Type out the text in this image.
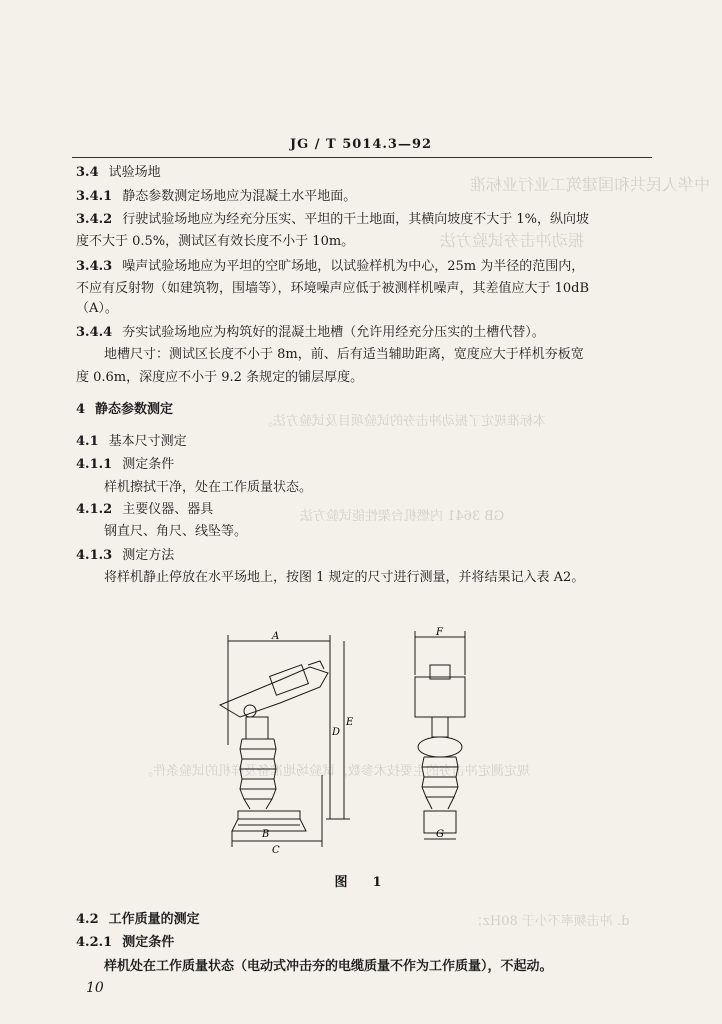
中华人民共和国建筑工业行业标准
振动冲击夯试验方法
本标准规定了振动冲击夯的试验项目及试验方法。
GB 3641 内燃机台架性能试验方法
规定测定冲击夯的主要技术参数，试验场地准备及样机的试验条件。
d. 冲击频率不小于 80Hz；
JG / T 5014.3—92
3.4 试验场地
3.4.1 静态参数测定场地应为混凝土水平地面。
3.4.2 行驶试验场地应为经充分压实、平坦的干土地面，其横向坡度不大于 1%，纵向坡
度不大于 0.5%，测试区有效长度不小于 10m。
3.4.3 噪声试验场地应为平坦的空旷场地，以试验样机为中心，25m 为半径的范围内，
不应有反射物（如建筑物，围墙等），环境噪声应低于被测样机噪声，其差值应大于 10dB
（A）。
3.4.4 夯实试验场地应为构筑好的混凝土地槽（允许用经充分压实的土槽代替）。
地槽尺寸：测试区长度不小于 8m，前、后有适当辅助距离，宽度应大于样机夯板宽
度 0.6m，深度应不小于 9.2 条规定的铺层厚度。
4 静态参数测定
4.1 基本尺寸测定
4.1.1 测定条件
样机擦拭干净，处在工作质量状态。
4.1.2 主要仪器、器具
钢直尺、角尺、线坠等。
4.1.3 测定方法
将样机静止停放在水平场地上，按图 1 规定的尺寸进行测量，并将结果记入表 A2。
A
B
C
D
E
F
G
图　1
4.2 工作质量的测定
4.2.1 测定条件
样机处在工作质量状态（电动式冲击夯的电缆质量不作为工作质量），不起动。
10
